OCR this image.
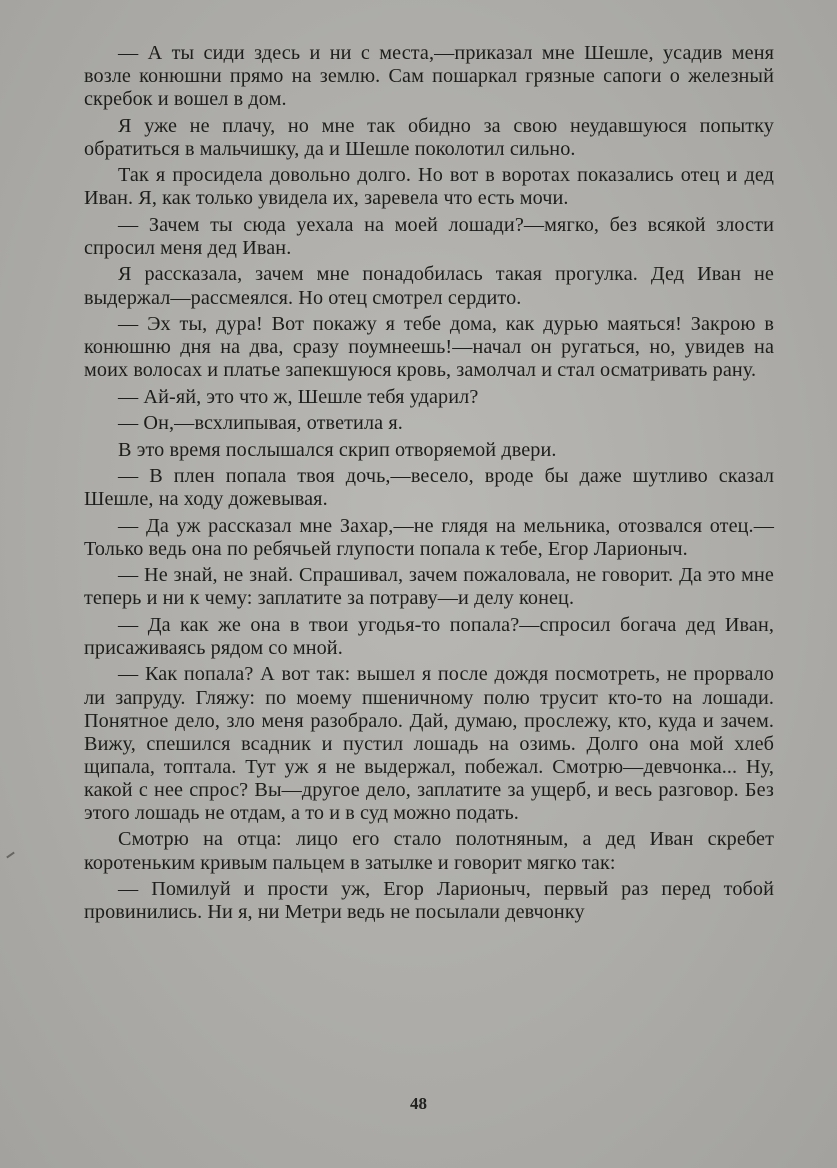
— А ты сиди здесь и ни с места,—приказал мне Шешле, усадив меня возле конюшни прямо на землю. Сам пошаркал грязные сапоги о железный скребок и вошел в дом.

Я уже не плачу, но мне так обидно за свою неудавшуюся попытку обратиться в мальчишку, да и Шешле поколотил сильно.

Так я просидела довольно долго. Но вот в воротах показались отец и дед Иван. Я, как только увидела их, заревела что есть мочи.

— Зачем ты сюда уехала на моей лошади?—мягко, без всякой злости спросил меня дед Иван.

Я рассказала, зачем мне понадобилась такая прогулка. Дед Иван не выдержал—рассмеялся. Но отец смотрел сердито.

— Эх ты, дура! Вот покажу я тебе дома, как дурью маяться! Закрою в конюшню дня на два, сразу поумнеешь!—начал он ругаться, но, увидев на моих волосах и платье запекшуюся кровь, замолчал и стал осматривать рану.

— Ай-яй, это что ж, Шешле тебя ударил?

— Он,—всхлипывая, ответила я.

В это время послышался скрип отворяемой двери.

— В плен попала твоя дочь,—весело, вроде бы даже шутливо сказал Шешле, на ходу дожевывая.

— Да уж рассказал мне Захар,—не глядя на мельника, отозвался отец.— Только ведь она по ребячьей глупости попала к тебе, Егор Ларионыч.

— Не знай, не знай. Спрашивал, зачем пожаловала, не говорит. Да это мне теперь и ни к чему: заплатите за потраву—и делу конец.

— Да как же она в твои угодья-то попала?—спросил богача дед Иван, присаживаясь рядом со мной.

— Как попала? А вот так: вышел я после дождя посмотреть, не прорвало ли запруду. Гляжу: по моему пшеничному полю трусит кто-то на лошади. Понятное дело, зло меня разобрало. Дай, думаю, прослежу, кто, куда и зачем. Вижу, спешился всадник и пустил лошадь на озимь. Долго она мой хлеб щипала, топтала. Тут уж я не выдержал, побежал. Смотрю—девчонка... Ну, какой с нее спрос? Вы—другое дело, заплатите за ущерб, и весь разговор. Без этого лошадь не отдам, а то и в суд можно подать.

Смотрю на отца: лицо его стало полотняным, а дед Иван скребет коротеньким кривым пальцем в затылке и говорит мягко так:

— Помилуй и прости уж, Егор Ларионыч, первый раз перед тобой провинились. Ни я, ни Метри ведь не посылали девчонку

48
